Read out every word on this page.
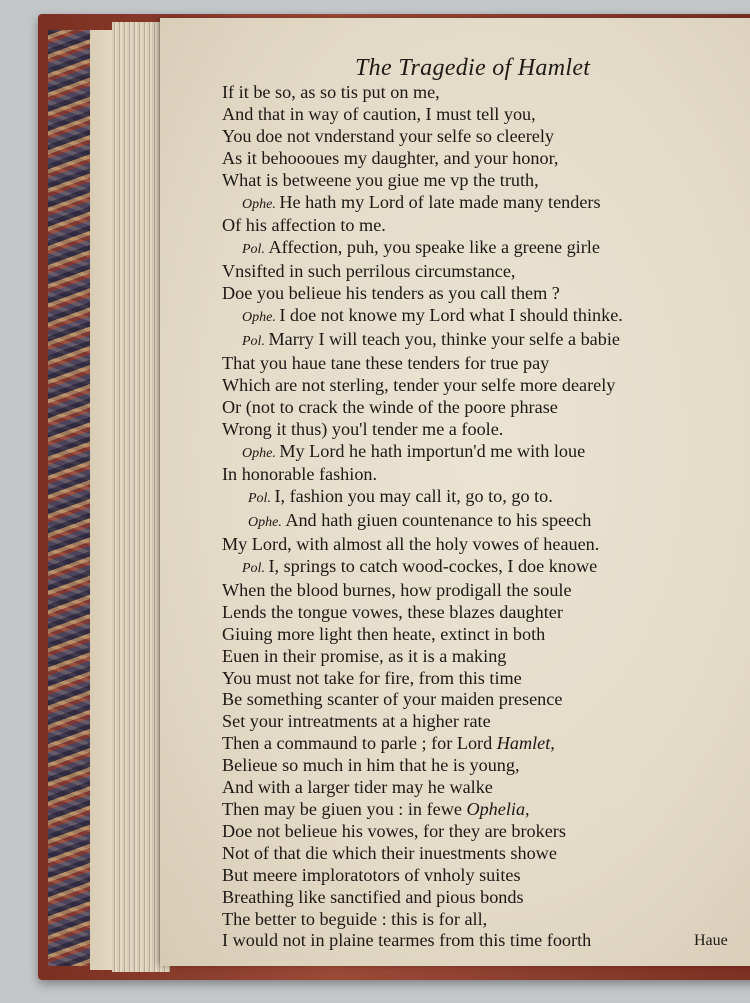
The Tragedie of Hamlet
If it be so, as so tis put on me,
And that in way of caution, I must tell you,
You doe not vnderstand your selfe so cleerely
As it behoooues my daughter, and your honor,
What is betweene you giue me vp the truth,
Ophe. He hath my Lord of late made many tenders
Of his affection to me.
Pol. Affection, puh, you speake like a greene girle
Vnsifted in such perrilous circumstance,
Doe you belieue his tenders as you call them ?
Ophe. I doe not knowe my Lord what I should thinke.
Pol. Marry I will teach you, thinke your selfe a babie
That you haue tane these tenders for true pay
Which are not sterling, tender your selfe more dearely
Or (not to crack the winde of the poore phrase
Wrong it thus) you'l tender me a foole.
Ophe. My Lord he hath importun'd me with loue
In honorable fashion.
Pol. I, fashion you may call it, go to, go to.
Ophe. And hath giuen countenance to his speech
My Lord, with almost all the holy vowes of heauen.
Pol. I, springs to catch wood-cockes, I doe knowe
When the blood burnes, how prodigall the soule
Lends the tongue vowes, these blazes daughter
Giuing more light then heate, extinct in both
Euen in their promise, as it is a making
You must not take for fire, from this time
Be something scanter of your maiden presence
Set your intreatments at a higher rate
Then a commaund to parle ; for Lord Hamlet,
Belieue so much in him that he is young,
And with a larger tider may he walke
Then may be giuen you : in fewe Ophelia,
Doe not belieue his vowes, for they are brokers
Not of that die which their inuestments showe
But meere imploratotors of vnholy suites
Breathing like sanctified and pious bonds
The better to beguide : this is for all,
I would not in plaine tearmes from this time foorth	Haue
